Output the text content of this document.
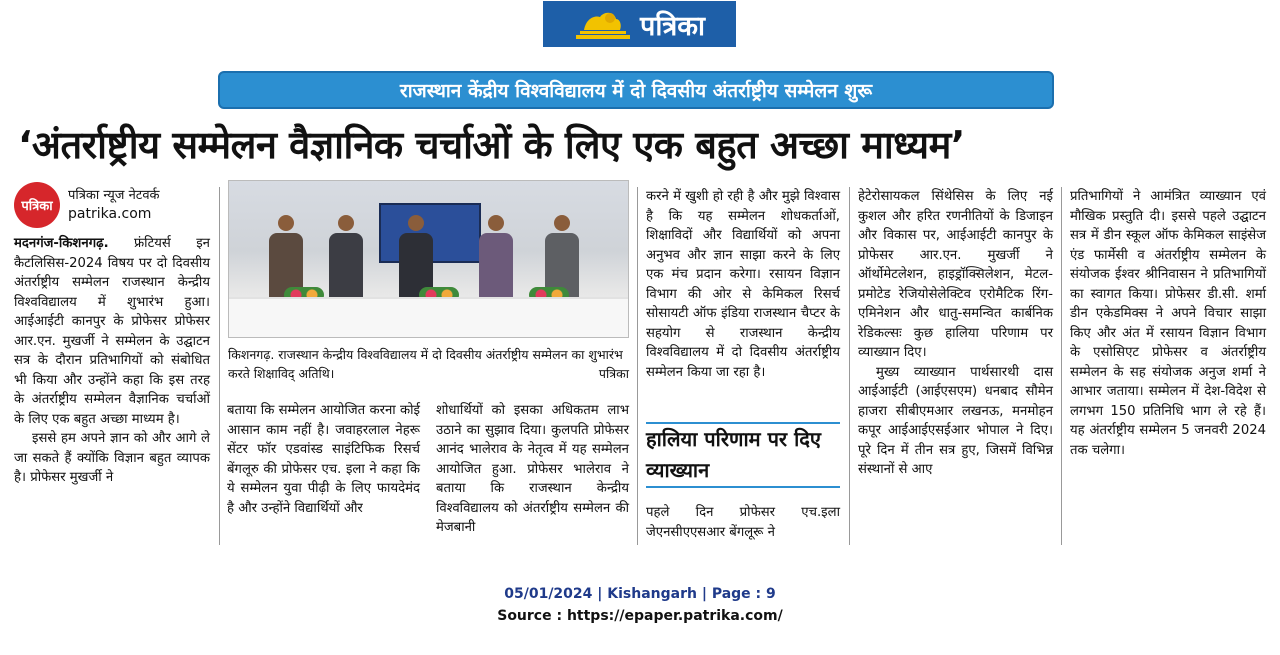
पत्रिका
राजस्थान केंद्रीय विश्वविद्यालय में दो दिवसीय अंतर्राष्ट्रीय सम्मेलन शुरू
‘अंतर्राष्ट्रीय सम्मेलन वैज्ञानिक चर्चाओं के लिए एक बहुत अच्छा माध्यम’
पत्रिका
पत्रिका न्यूज नेटवर्क
patrika.com
किशनगढ़. राजस्थान केन्द्रीय विश्वविद्यालय में दो दिवसीय अंतर्राष्ट्रीय सम्मेलन का शुभारंभ करते शिक्षाविद् अतिथि।	पत्रिका

मदनगंज-किशनगढ़. फ्रंटियर्स इन कैटलिसिस-2024 विषय पर दो दिवसीय अंतर्राष्ट्रीय सम्मेलन राजस्थान केन्द्रीय विश्वविद्यालय में शुभारंभ हुआ। आईआईटी कानपुर के प्रोफेसर प्रोफेसर आर.एन. मुखर्जी ने सम्मेलन के उद्घाटन सत्र के दौरान प्रतिभागियों को संबोधित भी किया और उन्होंने कहा कि इस तरह के अंतर्राष्ट्रीय सम्मेलन वैज्ञानिक चर्चाओं के लिए एक बहुत अच्छा माध्यम है।

इससे हम अपने ज्ञान को और आगे ले जा सकते हैं क्योंकि विज्ञान बहुत व्यापक है। प्रोफेसर मुखर्जी ने

बताया कि सम्मेलन आयोजित करना कोई आसान काम नहीं है। जवाहरलाल नेहरू सेंटर फॉर एडवांस्ड साइंटिफिक रिसर्च बेंगलूरु की प्रोफेसर एच. इला ने कहा कि ये सम्मेलन युवा पीढ़ी के लिए फायदेमंद है और उन्होंने विद्यार्थियों और

शोधार्थियों को इसका अधिकतम लाभ उठाने का सुझाव दिया। कुलपति प्रोफेसर आनंद भालेराव के नेतृत्व में यह सम्मेलन आयोजित हुआ. प्रोफेसर भालेराव ने बताया कि राजस्थान केन्द्रीय विश्वविद्यालय को अंतर्राष्ट्रीय सम्मेलन की मेजबानी

करने में खुशी हो रही है और मुझे विश्वास है कि यह सम्मेलन शोधकर्ताओं, शिक्षाविदों और विद्यार्थियों को अपना अनुभव और ज्ञान साझा करने के लिए एक मंच प्रदान करेगा। रसायन विज्ञान विभाग की ओर से केमिकल रिसर्च सोसायटी ऑफ इंडिया राजस्थान चैप्टर के सहयोग से राजस्थान केन्द्रीय विश्वविद्यालय में दो दिवसीय अंतर्राष्ट्रीय सम्मेलन किया जा रहा है।

हालिया परिणाम पर दिए व्याख्यान

पहले दिन प्रोफेसर एच.इला जेएनसीएएसआर बेंगलूरू ने

हेटेरोसायकल सिंथेसिस के लिए नई कुशल और हरित रणनीतियों के डिजाइन और विकास पर, आईआईटी कानपुर के प्रोफेसर आर.एन. मुखर्जी ने ऑर्थोमेटलेशन, हाइड्रॉक्सिलेशन, मेटल-प्रमोटेड रेजियोसेलेक्टिव एरोमैटिक रिंग-एमिनेशन और धातु-समन्वित कार्बनिक रेडिकल्सः कुछ हालिया परिणाम पर व्याख्यान दिए।

मुख्य व्याख्यान पार्थसारथी दास आईआईटी (आईएसएम) धनबाद सौमेन हाजरा सीबीएमआर लखनऊ, मनमोहन कपूर आईआईएसईआर भोपाल ने दिए। पूरे दिन में तीन सत्र हुए, जिसमें विभिन्न संस्थानों से आए

प्रतिभागियों ने आमंत्रित व्याख्यान एवं मौखिक प्रस्तुति दी। इससे पहले उद्घाटन सत्र में डीन स्कूल ऑफ केमिकल साइंसेज एंड फार्मेसी व अंतर्राष्ट्रीय सम्मेलन के संयोजक ईश्वर श्रीनिवासन ने प्रतिभागियों का स्वागत किया। प्रोफेसर डी.सी. शर्मा डीन एकेडमिक्स ने अपने विचार साझा किए और अंत में रसायन विज्ञान विभाग के एसोसिएट प्रोफेसर व अंतर्राष्ट्रीय सम्मेलन के सह संयोजक अनुज शर्मा ने आभार जताया। सम्मेलन में देश-विदेश से लगभग 150 प्रतिनिधि भाग ले रहे हैं। यह अंतर्राष्ट्रीय सम्मेलन 5 जनवरी 2024 तक चलेगा।

05/01/2024 | Kishangarh | Page : 9
Source : https://epaper.patrika.com/
